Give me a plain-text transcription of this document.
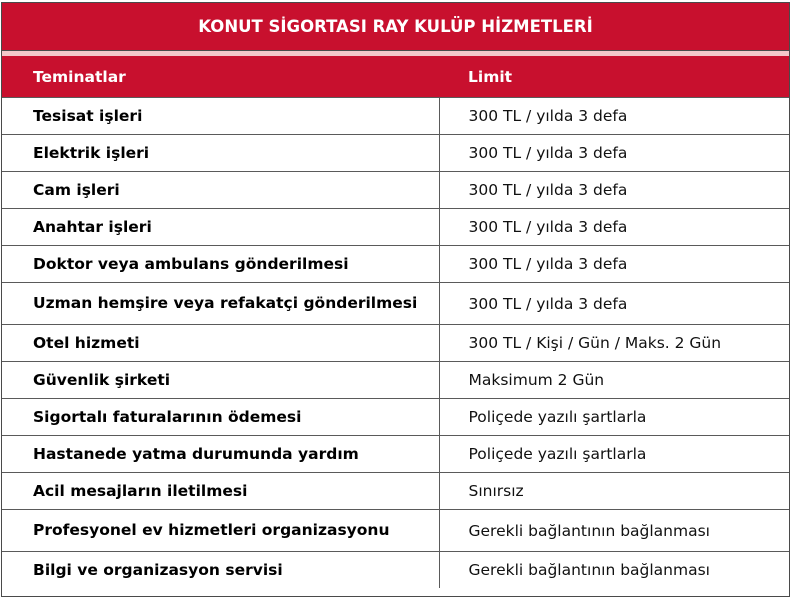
KONUT SİGORTASI RAY KULÜP HİZMETLERİ
Teminatlar	Limit
Tesisat işleri	300 TL / yılda 3 defa
Elektrik işleri	300 TL / yılda 3 defa
Cam işleri	300 TL / yılda 3 defa
Anahtar işleri	300 TL / yılda 3 defa
Doktor veya ambulans gönderilmesi	300 TL / yılda 3 defa
Uzman hemşire veya refakatçi gönderilmesi	300 TL / yılda 3 defa
Otel hizmeti	300 TL / Kişi / Gün / Maks. 2 Gün
Güvenlik şirketi	Maksimum 2 Gün
Sigortalı faturalarının ödemesi	Poliçede yazılı şartlarla
Hastanede yatma durumunda yardım	Poliçede yazılı şartlarla
Acil mesajların iletilmesi	Sınırsız
Profesyonel ev hizmetleri organizasyonu	Gerekli bağlantının bağlanması
Bilgi ve organizasyon servisi	Gerekli bağlantının bağlanması
